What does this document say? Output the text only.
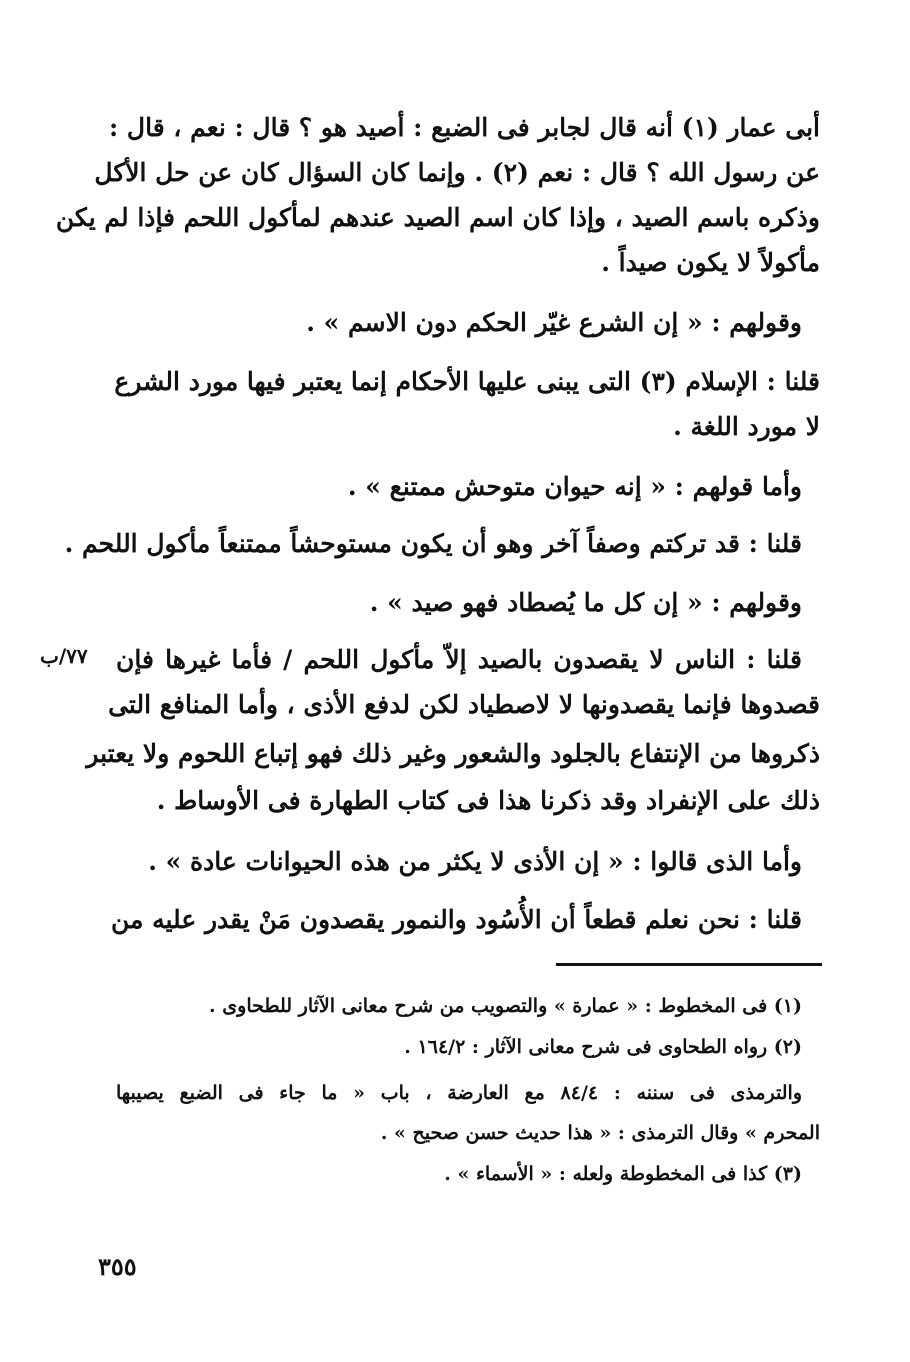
أبى عمار (١) أنه قال لجابر فى الضبع : أصيد هو ؟ قال : نعم ، قال :
عن رسول الله ؟ قال : نعم (٢) . وإنما كان السؤال كان عن حل الأكل
وذكره باسم الصيد ، وإذا كان اسم الصيد عندهم لمأكول اللحم فإذا لم يكن
مأكولاً لا يكون صيداً .
وقولهم : « إن الشرع غيّر الحكم دون الاسم » .
قلنا : الإسلام (٣) التى يبنى عليها الأحكام إنما يعتبر فيها مورد الشرع
لا مورد اللغة .
وأما قولهم : « إنه حيوان متوحش ممتنع » .
قلنا : قد تركتم وصفاً آخر وهو أن يكون مستوحشاً ممتنعاً مأكول اللحم .
وقولهم : « إن كل ما يُصطاد فهو صيد » .
قلنا : الناس لا يقصدون بالصيد إلاّ مأكول اللحم / فأما غيرها فإن
قصدوها فإنما يقصدونها لا لاصطياد لكن لدفع الأذى ، وأما المنافع التى
ذكروها من الإنتفاع بالجلود والشعور وغير ذلك فهو إتباع اللحوم ولا يعتبر
ذلك على الإنفراد وقد ذكرنا هذا فى كتاب الطهارة فى الأوساط .
وأما الذى قالوا : « إن الأذى لا يكثر من هذه الحيوانات عادة » .
قلنا : نحن نعلم قطعاً أن الأُسُود والنمور يقصدون مَنْ يقدر عليه من
٧٧/ب
(١) فى المخطوط : « عمارة » والتصويب من شرح معانى الآثار للطحاوى .
(٢) رواه الطحاوى فى شرح معانى الآثار : ١٦٤/٢ .
والترمذى فى سننه : ٨٤/٤ مع العارضة ، باب « ما جاء فى الضبع يصيبها
المحرم » وقال الترمذى : « هذا حديث حسن صحيح » .
(٣) كذا فى المخطوطة ولعله : « الأسماء » .
٣٥٥
